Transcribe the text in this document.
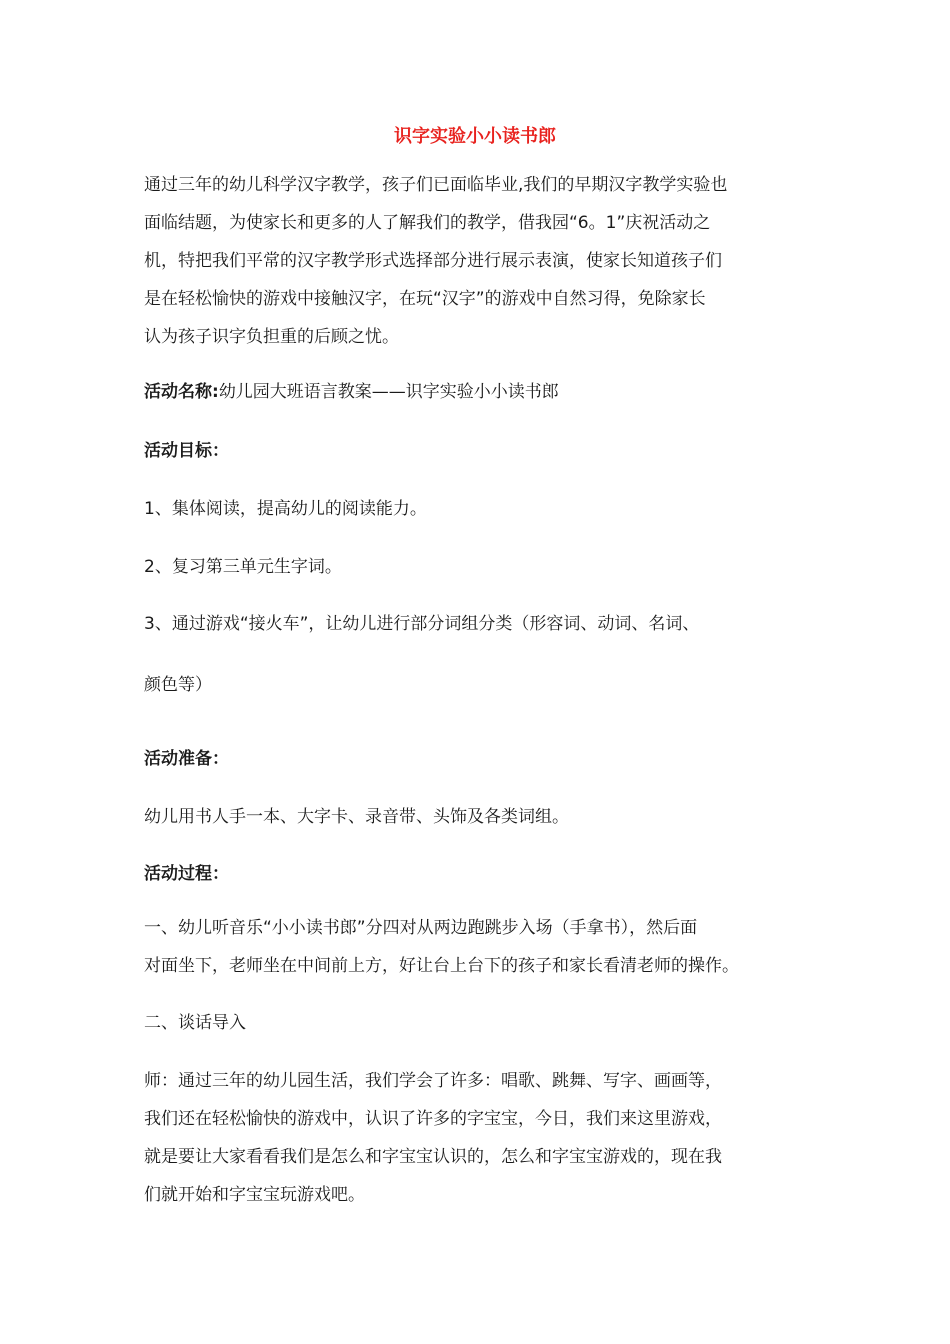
识字实验小小读书郎
通过三年的幼儿科学汉字教学，孩子们已面临毕业,我们的早期汉字教学实验也
面临结题，为使家长和更多的人了解我们的教学，借我园“6。1”庆祝活动之
机，特把我们平常的汉字教学形式选择部分进行展示表演，使家长知道孩子们
是在轻松愉快的游戏中接触汉字，在玩“汉字”的游戏中自然习得，免除家长
认为孩子识字负担重的后顾之忧。
活动名称:幼儿园大班语言教案——识字实验小小读书郎
活动目标：
1、集体阅读，提高幼儿的阅读能力。
2、复习第三单元生字词。
3、通过游戏“接火车”，让幼儿进行部分词组分类（形容词、动词、名词、
颜色等）
活动准备：
幼儿用书人手一本、大字卡、录音带、头饰及各类词组。
活动过程：
一、幼儿听音乐“小小读书郎”分四对从两边跑跳步入场（手拿书），然后面
对面坐下，老师坐在中间前上方，好让台上台下的孩子和家长看清老师的操作。
二、谈话导入
师：通过三年的幼儿园生活，我们学会了许多：唱歌、跳舞、写字、画画等，
我们还在轻松愉快的游戏中，认识了许多的字宝宝，今日，我们来这里游戏，
就是要让大家看看我们是怎么和字宝宝认识的，怎么和字宝宝游戏的，现在我
们就开始和字宝宝玩游戏吧。
